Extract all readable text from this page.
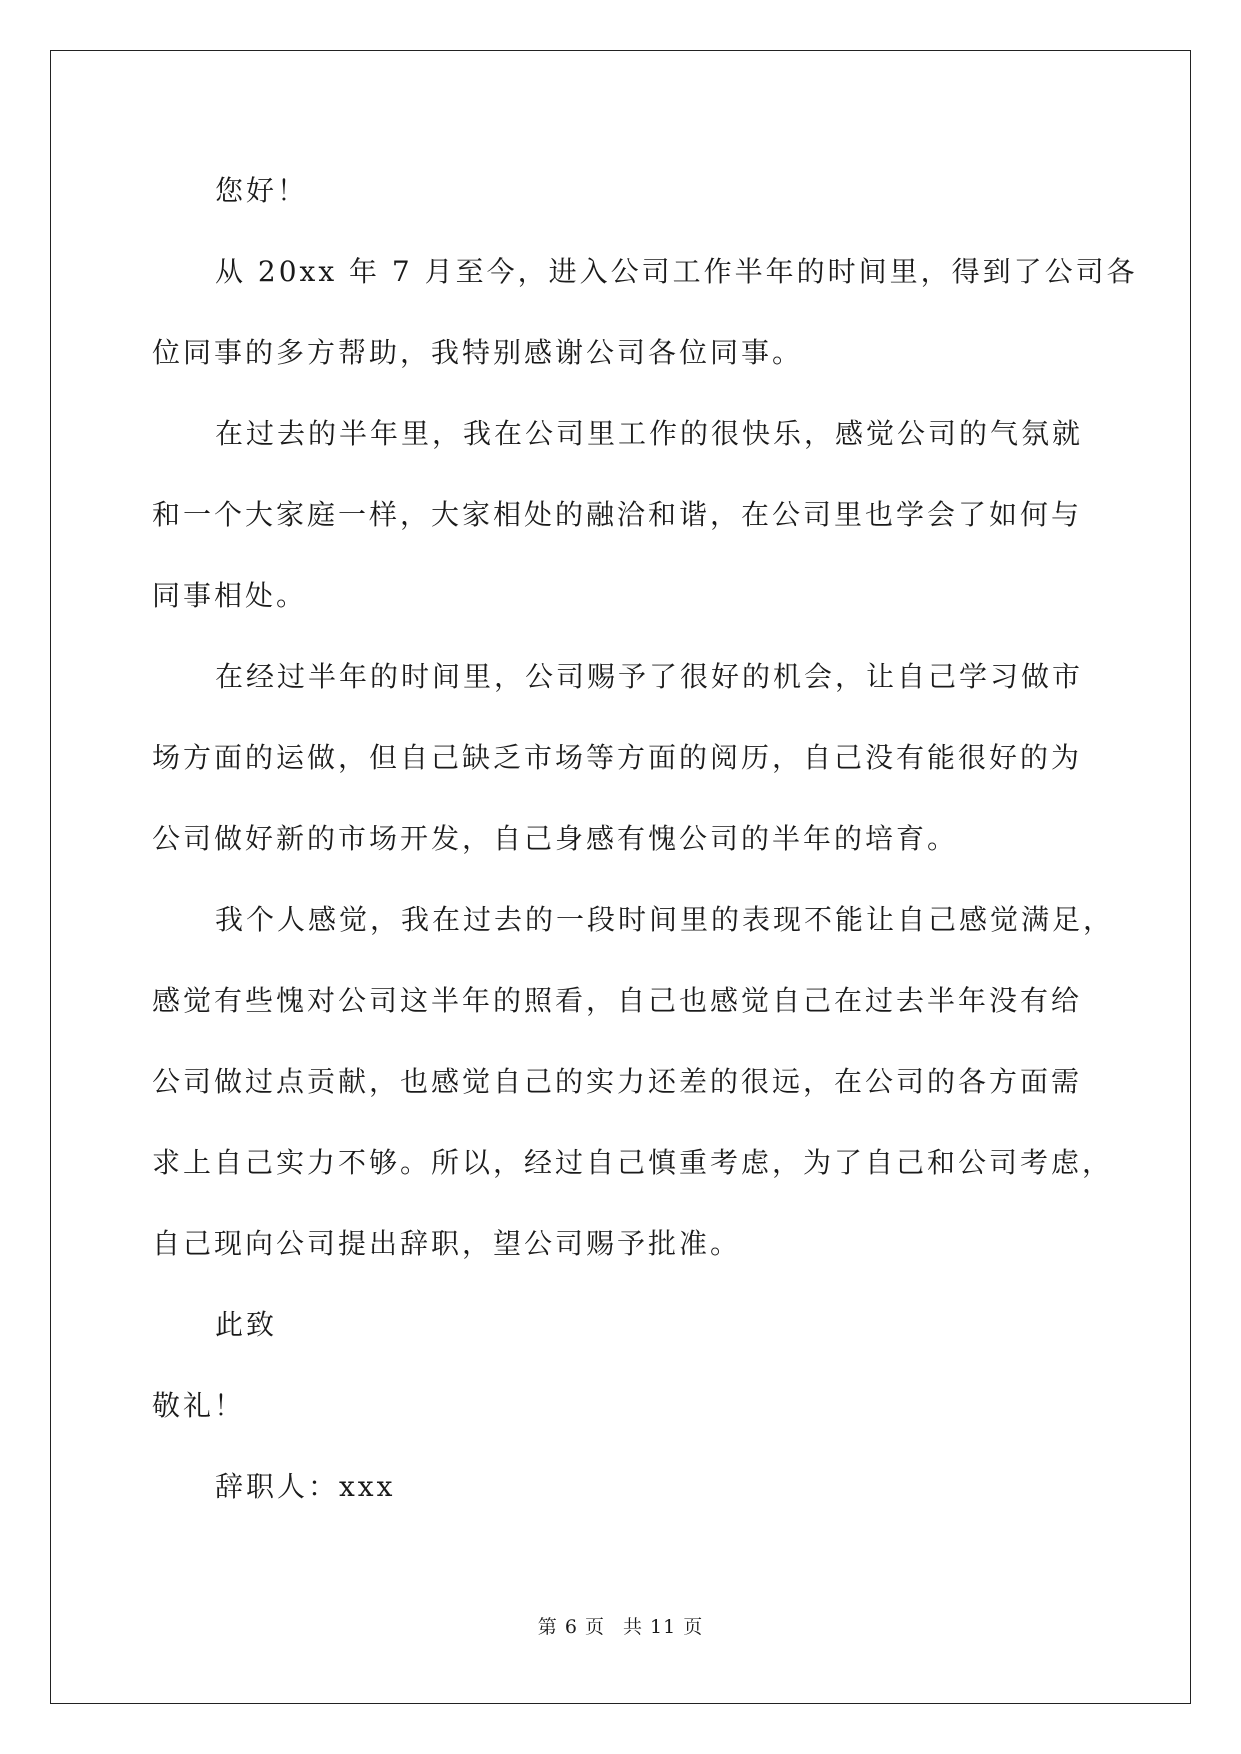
您好！
从 20xx 年 7 月至今，进入公司工作半年的时间里，得到了公司各
位同事的多方帮助，我特别感谢公司各位同事。
在过去的半年里，我在公司里工作的很快乐，感觉公司的气氛就
和一个大家庭一样，大家相处的融洽和谐，在公司里也学会了如何与
同事相处。
在经过半年的时间里，公司赐予了很好的机会，让自己学习做市
场方面的运做，但自己缺乏市场等方面的阅历，自己没有能很好的为
公司做好新的市场开发，自己身感有愧公司的半年的培育。
我个人感觉，我在过去的一段时间里的表现不能让自己感觉满足，
感觉有些愧对公司这半年的照看，自己也感觉自己在过去半年没有给
公司做过点贡献，也感觉自己的实力还差的很远，在公司的各方面需
求上自己实力不够。所以，经过自己慎重考虑，为了自己和公司考虑，
自己现向公司提出辞职，望公司赐予批准。
此致
敬礼！
辞职人：xxx
第 6 页 共 11 页
